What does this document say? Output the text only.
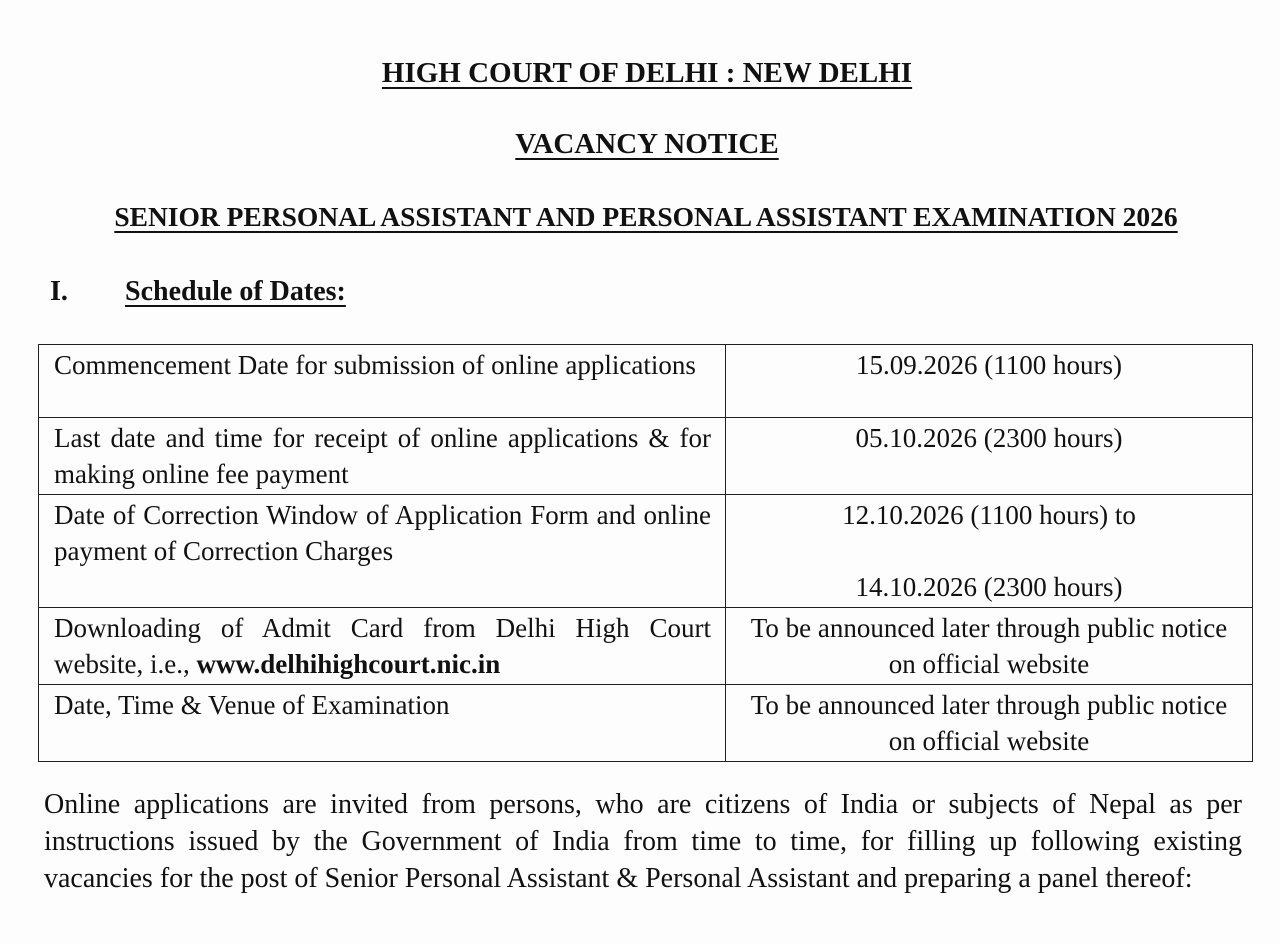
HIGH COURT OF DELHI : NEW DELHI
VACANCY NOTICE
SENIOR PERSONAL ASSISTANT AND PERSONAL ASSISTANT EXAMINATION 2026
I. Schedule of Dates:
Commencement Date for submission of online applications	15.09.2026 (1100 hours)
Last date and time for receipt of online applications & for making online fee payment	05.10.2026 (2300 hours)
Date of Correction Window of Application Form and online payment of Correction Charges	12.10.2026 (1100 hours) to
14.10.2026 (2300 hours)
Downloading of Admit Card from Delhi High Court website, i.e., www.delhihighcourt.nic.in	To be announced later through public notice on official website
Date, Time & Venue of Examination	To be announced later through public notice on official website
Online applications are invited from persons, who are citizens of India or subjects of Nepal as per instructions issued by the Government of India from time to time, for filling up following existing vacancies for the post of Senior Personal Assistant & Personal Assistant and preparing a panel thereof:
